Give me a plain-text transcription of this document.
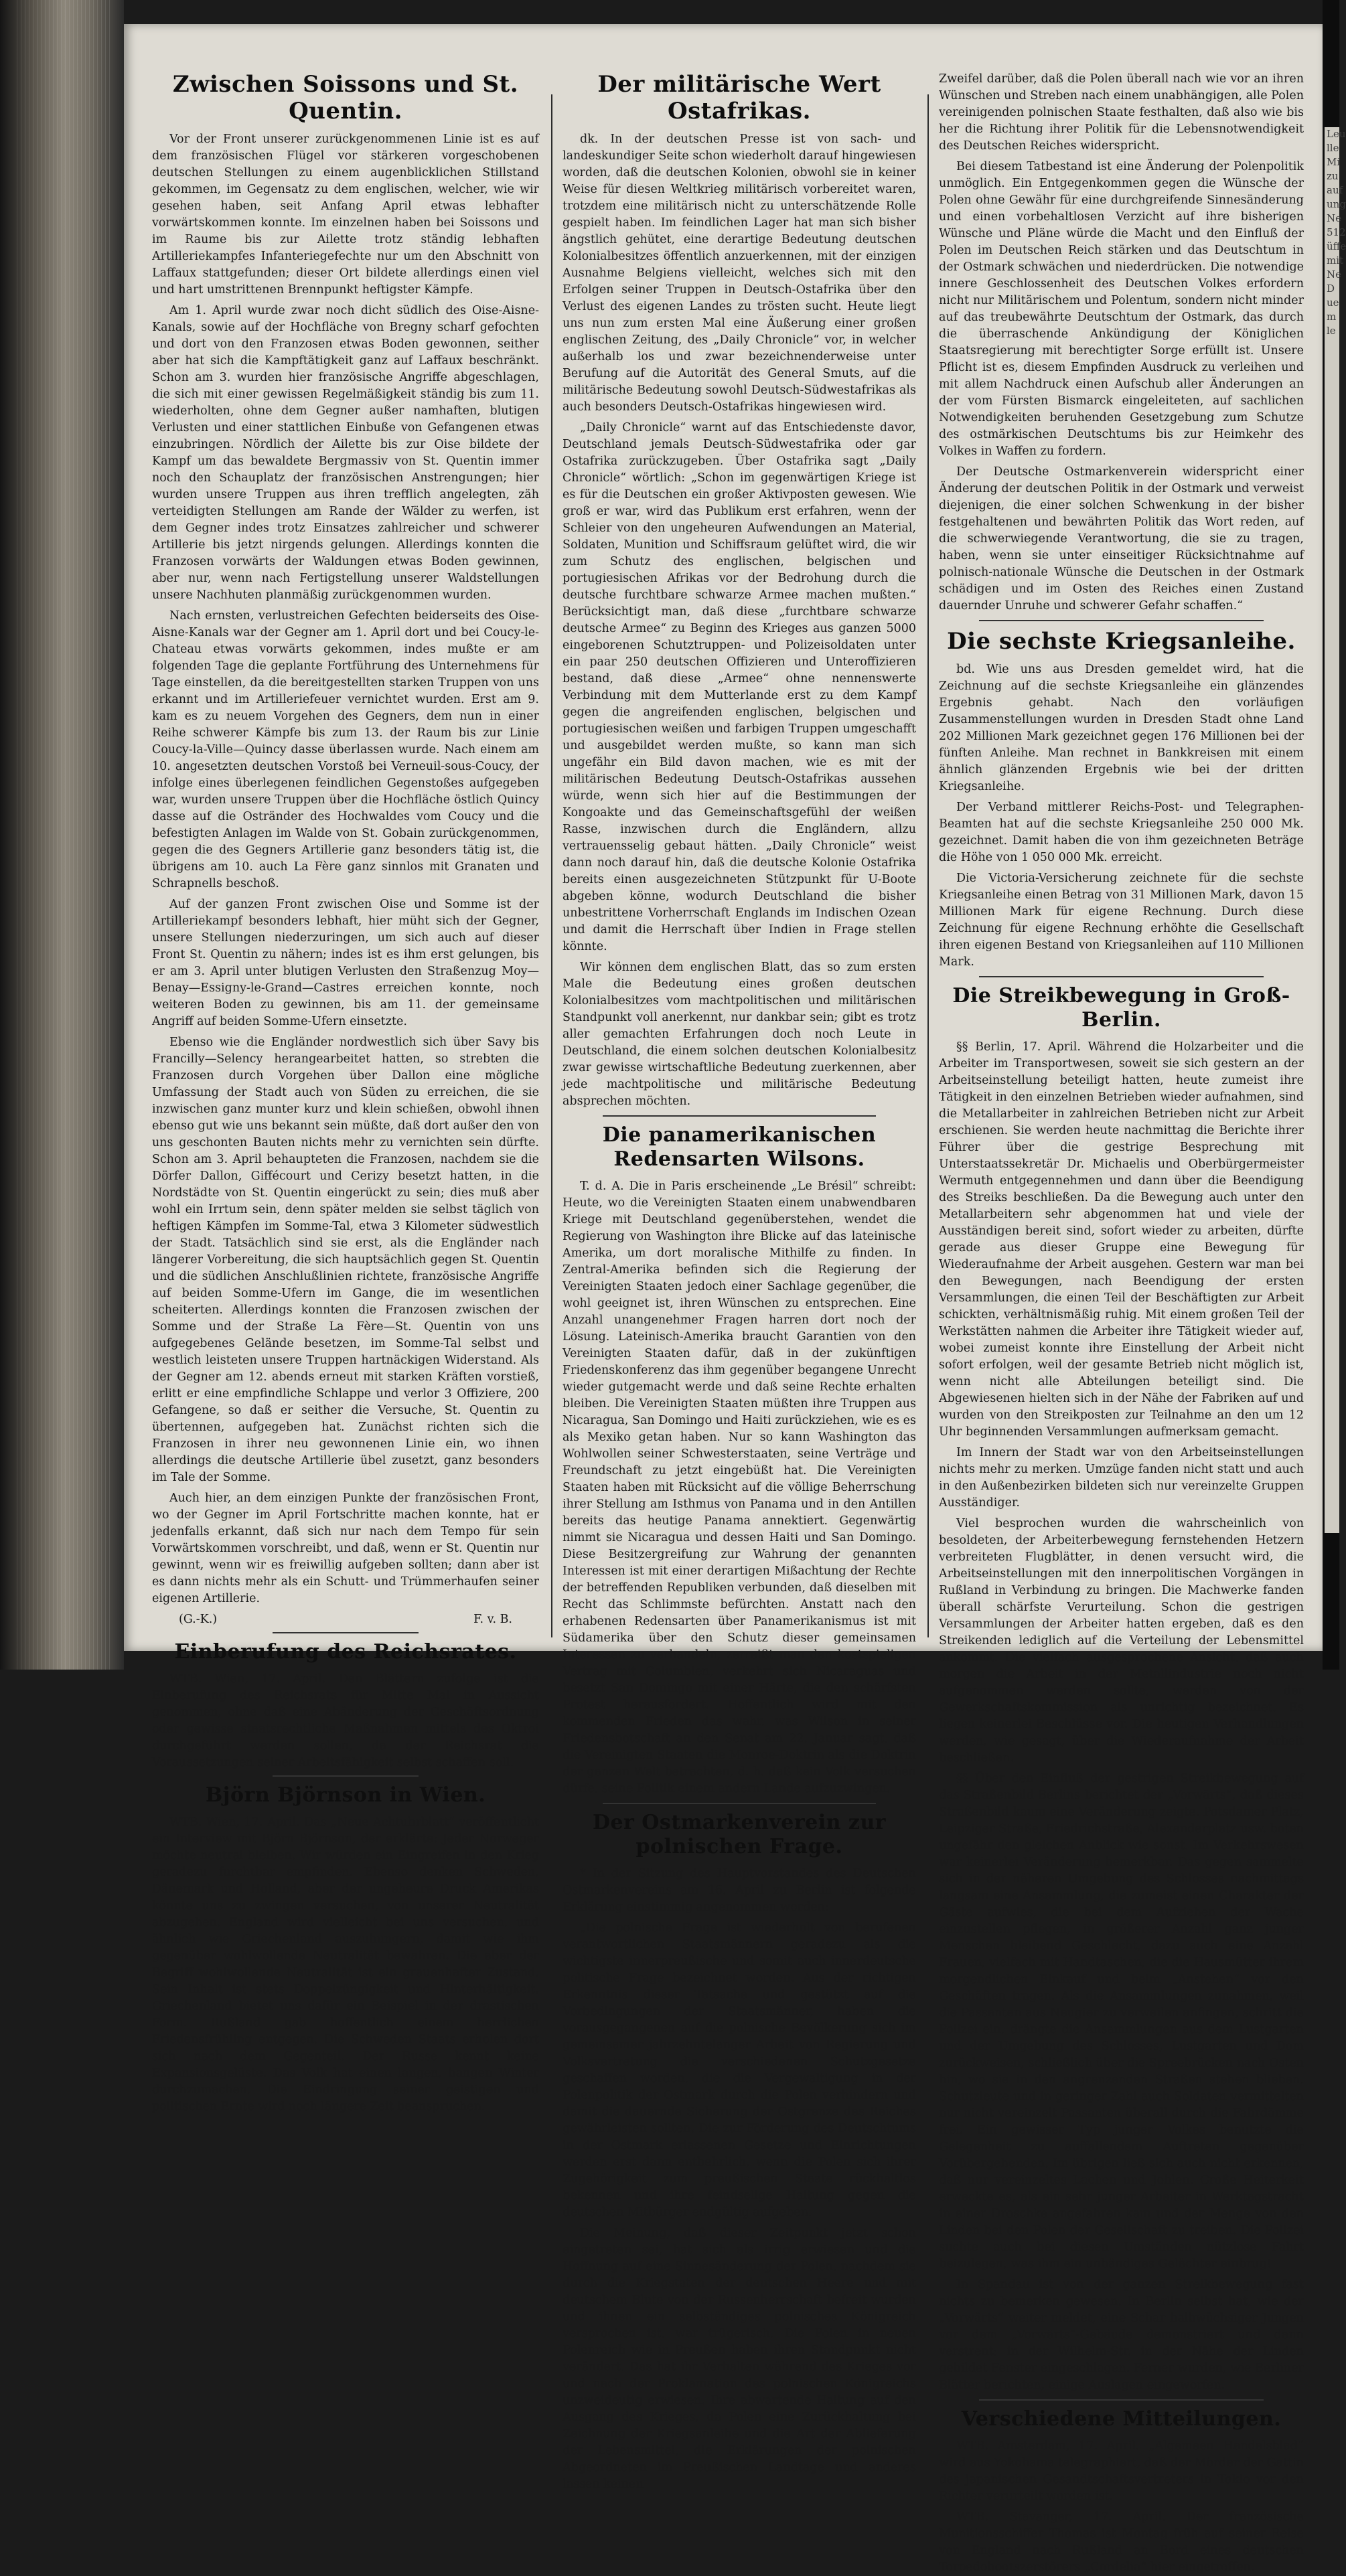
Leu
lle
Mi
zu
auf
ung
Ne
512
üffe
mit
Ne
D
ue
m
le
Zwischen Soissons und St. Quentin.

Vor der Front unserer zurückgenommenen Linie ist es auf dem französischen Flügel vor stärkeren vorgeschobenen deutschen Stellungen zu einem augenblicklichen Stillstand gekommen, im Gegensatz zu dem englischen, welcher, wie wir gesehen haben, seit Anfang April etwas lebhafter vorwärtskommen konnte. Im einzelnen haben bei Soissons und im Raume bis zur Ailette trotz ständig lebhaften Artilleriekampfes Infanteriegefechte nur um den Abschnitt von Laffaux stattgefunden; dieser Ort bildete allerdings einen viel und hart umstrittenen Brennpunkt heftigster Kämpfe.

Am 1. April wurde zwar noch dicht südlich des Oise-Aisne-Kanals, sowie auf der Hochfläche von Bregny scharf gefochten und dort von den Franzosen etwas Boden gewonnen, seither aber hat sich die Kampftätigkeit ganz auf Laffaux beschränkt. Schon am 3. wurden hier französische Angriffe abgeschlagen, die sich mit einer gewissen Regelmäßigkeit ständig bis zum 11. wiederholten, ohne dem Gegner außer namhaften, blutigen Verlusten und einer stattlichen Einbuße von Gefangenen etwas einzubringen. Nördlich der Ailette bis zur Oise bildete der Kampf um das bewaldete Bergmassiv von St. Quentin immer noch den Schauplatz der französischen Anstrengungen; hier wurden unsere Truppen aus ihren trefflich angelegten, zäh verteidigten Stellungen am Rande der Wälder zu werfen, ist dem Gegner indes trotz Einsatzes zahlreicher und schwerer Artillerie bis jetzt nirgends gelungen. Allerdings konnten die Franzosen vorwärts der Waldungen etwas Boden gewinnen, aber nur, wenn nach Fertigstellung unserer Waldstellungen unsere Nachhuten planmäßig zurückgenommen wurden.

Nach ernsten, verlustreichen Gefechten beiderseits des Oise-Aisne-Kanals war der Gegner am 1. April dort und bei Coucy-le-Chateau etwas vorwärts gekommen, indes mußte er am folgenden Tage die geplante Fortführung des Unternehmens für Tage einstellen, da die bereitgestellten starken Truppen von uns erkannt und im Artilleriefeuer vernichtet wurden. Erst am 9. kam es zu neuem Vorgehen des Gegners, dem nun in einer Reihe schwerer Kämpfe bis zum 13. der Raum bis zur Linie Coucy-la-Ville—Quincy dasse überlassen wurde. Nach einem am 10. angesetzten deutschen Vorstoß bei Verneuil-sous-Coucy, der infolge eines überlegenen feindlichen Gegenstoßes aufgegeben war, wurden unsere Truppen über die Hochfläche östlich Quincy dasse auf die Ostränder des Hochwaldes vom Coucy und die befestigten Anlagen im Walde von St. Gobain zurückgenommen, gegen die des Gegners Artillerie ganz besonders tätig ist, die übrigens am 10. auch La Fère ganz sinnlos mit Granaten und Schrapnells beschoß.

Auf der ganzen Front zwischen Oise und Somme ist der Artilleriekampf besonders lebhaft, hier müht sich der Gegner, unsere Stellungen niederzuringen, um sich auch auf dieser Front St. Quentin zu nähern; indes ist es ihm erst gelungen, bis er am 3. April unter blutigen Verlusten den Straßenzug Moy—Benay—Essigny-le-Grand—Castres erreichen konnte, noch weiteren Boden zu gewinnen, bis am 11. der gemeinsame Angriff auf beiden Somme-Ufern einsetzte.

Ebenso wie die Engländer nordwestlich sich über Savy bis Francilly—Selency herangearbeitet hatten, so strebten die Franzosen durch Vorgehen über Dallon eine mögliche Umfassung der Stadt auch von Süden zu erreichen, die sie inzwischen ganz munter kurz und klein schießen, obwohl ihnen ebenso gut wie uns bekannt sein müßte, daß dort außer den von uns geschonten Bauten nichts mehr zu vernichten sein dürfte. Schon am 3. April behaupteten die Franzosen, nachdem sie die Dörfer Dallon, Giffécourt und Cerizy besetzt hatten, in die Nordstädte von St. Quentin eingerückt zu sein; dies muß aber wohl ein Irrtum sein, denn später melden sie selbst täglich von heftigen Kämpfen im Somme-Tal, etwa 3 Kilometer südwestlich der Stadt. Tatsächlich sind sie erst, als die Engländer nach längerer Vorbereitung, die sich hauptsächlich gegen St. Quentin und die südlichen Anschlußlinien richtete, französische Angriffe auf beiden Somme-Ufern im Gange, die im wesentlichen scheiterten. Allerdings konnten die Franzosen zwischen der Somme und der Straße La Fère—St. Quentin von uns aufgegebenes Gelände besetzen, im Somme-Tal selbst und westlich leisteten unsere Truppen hartnäckigen Widerstand. Als der Gegner am 12. abends erneut mit starken Kräften vorstieß, erlitt er eine empfindliche Schlappe und verlor 3 Offiziere, 200 Gefangene, so daß er seither die Versuche, St. Quentin zu übertennen, aufgegeben hat. Zunächst richten sich die Franzosen in ihrer neu gewonnenen Linie ein, wo ihnen allerdings die deutsche Artillerie übel zusetzt, ganz besonders im Tale der Somme.

Auch hier, an dem einzigen Punkte der französischen Front, wo der Gegner im April Fortschritte machen konnte, hat er jedenfalls erkannt, daß sich nur nach dem Tempo für sein Vorwärtskommen vorschreibt, und daß, wenn er St. Quentin nur gewinnt, wenn wir es freiwillig aufgeben sollten; dann aber ist es dann nichts mehr als ein Schutt- und Trümmerhaufen seiner eigenen Artillerie.

(G.-K.)	F. v. B.

Einberufung des Reichsrates.

WTB. Wien, 17. April. Den Blättern zufolge ist die Einberufung des Reichsrats für Mitte Mai in Aussicht genommen, ohne daß eine Abänderung der Geschäftsordnung oder gewisse staatsrechtliche Maßnahmen mittels des Oktroi durchgeführt werden sollen, da der Reichsrat die Voraussetzungen seiner Arbeitsfähigkeit selbst schaffen soll.

Björn Björnson in Wien.

WTB. Wien, 17. April. Das „Neue Achtuhrblatt“ veröffentlicht ein Interview mit Björn Björnson, der erklärte: Jeder Norweger möchte neutral bleiben. Wir würden ein Eingreifen in den Krieg geradezu furchtbar empfinden. Ebenso denken Schweden, Dänemark und Holland, aber der ungeheure Druck Amerikas könnte uns zu zwingen versuchen, von unserer Neutralität abzugehen. England wird vielleicht bei uns versuchen, und ähnlich wie Griechenland auszuhungern, damit wie ihm gegenüber wohlwollende Neutralität bewahren. Die aber der Begriff wohlwollende Neutralität ist ein grauenhafter Zustand. Sein Inhalt ist stets Doppelzüngigkeit und Hinterhältigkeit. Griechenland bietet uns dafür ein Beispiel in der drastischen Form. Rußland gab hoffentlich einem herrlichen Friedensfrühling entgegen. Die Schweden Staats erholen dort sich nach dem Gegenteil. Der Russe kennt keine Expansionsgelüste. Das Volk hat einen langen, bangen Winter durchzumachen. Die Eindringung seiner geistigen und politischen Ernte wird noch längere Zeit beanspruchen.

Der militärische Wert Ostafrikas.

dk. In der deutschen Presse ist von sach- und landeskundiger Seite schon wiederholt darauf hingewiesen worden, daß die deutschen Kolonien, obwohl sie in keiner Weise für diesen Weltkrieg militärisch vorbereitet waren, trotzdem eine militärisch nicht zu unterschätzende Rolle gespielt haben. Im feindlichen Lager hat man sich bisher ängstlich gehütet, eine derartige Bedeutung deutschen Kolonialbesitzes öffentlich anzuerkennen, mit der einzigen Ausnahme Belgiens vielleicht, welches sich mit den Erfolgen seiner Truppen in Deutsch-Ostafrika über den Verlust des eigenen Landes zu trösten sucht. Heute liegt uns nun zum ersten Mal eine Äußerung einer großen englischen Zeitung, des „Daily Chronicle“ vor, in welcher außerhalb los und zwar bezeichnenderweise unter Berufung auf die Autorität des General Smuts, auf die militärische Bedeutung sowohl Deutsch-Südwestafrikas als auch besonders Deutsch-Ostafrikas hingewiesen wird.

„Daily Chronicle“ warnt auf das Entschiedenste davor, Deutschland jemals Deutsch-Südwestafrika oder gar Ostafrika zurückzugeben. Über Ostafrika sagt „Daily Chronicle“ wörtlich: „Schon im gegenwärtigen Kriege ist es für die Deutschen ein großer Aktivposten gewesen. Wie groß er war, wird das Publikum erst erfahren, wenn der Schleier von den ungeheuren Aufwendungen an Material, Soldaten, Munition und Schiffsraum gelüftet wird, die wir zum Schutz des englischen, belgischen und portugiesischen Afrikas vor der Bedrohung durch die deutsche furchtbare schwarze Armee machen mußten.“ Berücksichtigt man, daß diese „furchtbare schwarze deutsche Armee“ zu Beginn des Krieges aus ganzen 5000 eingeborenen Schutztruppen- und Polizeisoldaten unter ein paar 250 deutschen Offizieren und Unteroffizieren bestand, daß diese „Armee“ ohne nennenswerte Verbindung mit dem Mutterlande erst zu dem Kampf gegen die angreifenden englischen, belgischen und portugiesischen weißen und farbigen Truppen umgeschafft und ausgebildet werden mußte, so kann man sich ungefähr ein Bild davon machen, wie es mit der militärischen Bedeutung Deutsch-Ostafrikas aussehen würde, wenn sich hier auf die Bestimmungen der Kongoakte und das Gemeinschaftsgefühl der weißen Rasse, inzwischen durch die Engländern, allzu vertrauensselig gebaut hätten. „Daily Chronicle“ weist dann noch darauf hin, daß die deutsche Kolonie Ostafrika bereits einen ausgezeichneten Stützpunkt für U-Boote abgeben könne, wodurch Deutschland die bisher unbestrittene Vorherrschaft Englands im Indischen Ozean und damit die Herrschaft über Indien in Frage stellen könnte.

Wir können dem englischen Blatt, das so zum ersten Male die Bedeutung eines großen deutschen Kolonialbesitzes vom machtpolitischen und militärischen Standpunkt voll anerkennt, nur dankbar sein; gibt es trotz aller gemachten Erfahrungen doch noch Leute in Deutschland, die einem solchen deutschen Kolonialbesitz zwar gewisse wirtschaftliche Bedeutung zuerkennen, aber jede machtpolitische und militärische Bedeutung absprechen möchten.

Die panamerikanischen Redensarten Wilsons.

T. d. A. Die in Paris erscheinende „Le Brésil“ schreibt: Heute, wo die Vereinigten Staaten einem unabwendbaren Kriege mit Deutschland gegenüberstehen, wendet die Regierung von Washington ihre Blicke auf das lateinische Amerika, um dort moralische Mithilfe zu finden. In Zentral-Amerika befinden sich die Regierung der Vereinigten Staaten jedoch einer Sachlage gegenüber, die wohl geeignet ist, ihren Wünschen zu entsprechen. Eine Anzahl unangenehmer Fragen harren dort noch der Lösung. Lateinisch-Amerika braucht Garantien von den Vereinigten Staaten dafür, daß in der zukünftigen Friedenskonferenz das ihm gegenüber begangene Unrecht wieder gutgemacht werde und daß seine Rechte erhalten bleiben. Die Vereinigten Staaten müßten ihre Truppen aus Nicaragua, San Domingo und Haiti zurückziehen, wie es es als Mexiko getan haben. Nur so kann Washington das Wohlwollen seiner Schwesterstaaten, seine Verträge und Freundschaft zu jetzt eingebüßt hat. Die Vereinigten Staaten haben mit Rücksicht auf die völlige Beherrschung ihrer Stellung am Isthmus von Panama und in den Antillen bereits das heutige Panama annektiert. Gegenwärtig nimmt sie Nicaragua und dessen Haiti und San Domingo. Diese Besitzergreifung zur Wahrung der genannten Interessen ist mit einer derartigen Mißachtung der Rechte der betreffenden Republiken verbunden, daß dieselben mit Recht das Schlimmste befürchten. Anstatt nach den erhabenen Redensarten über Panamerikanismus ist mit Südamerika über den Schutz dieser gemeinsamen Interessen zu verhandeln, zerreißt man den kostspieligen Vertrag mit Columbien, verkehrt sich Nicaraguas und besetzt San Domingo mit einer Härte, die den schärfsten Protest herausfordert. Hoffentlich wird mit den kommenden Frieden das wahr, was Wilson in seiner Friedensbotschaft an den Senat am 22. Januar sagt, daß die Vereinigten Staaten die Monroe-Doktrin als die Doktrin der ganzen Welt betrachten, d. h. daß kein Volk versuchen dürfe, seine Politik einem andern Lande aufzuzwingen.

Der Ostmarkenverein zur polnischen Frage.

* In der Sitzung des Hauptvorstandes des Deutschen Ostmarkenvereins am 16. April zu Berlin ist folgende Erklärung einstimmig angenommen worden:

„Die polnische Frage ist wiederholt von berufenen verantwortlichen Staatsmännern geradezu als die wichtigste innerpreußische und somit auch innerdeutsche politische Frage bezeichnet worden. Aus der richtigen Erkenntnis dieser Tatsache und gestützt auf die Vorbedingungen der Staatsmänner, haben die vorausgegangenen auf die polnische Bevölkerung sich im gemeinsamer jahrzehntelanger Arbeit von Regierung und Volksvertretung die verschiedenen Schutzgesetze geschaffen worden, die die Vergewaltigung in der Polenpolitik der Ostmark durch die Polen verhindern und damit die dauernde Sicherung der Ostgrenze des Reiches gewährleisten sollten. Die zur Förderung des Deutschtums in der Ostmark erlassenen Gesetze und Einrichtungen werden erst dann entbehrlich, wenn die Polen sich ihrer Zugehörigkeit zum preußischen Staate rückhaltlos bekennen und ihre feindselige Haltung gegen die deutschen Mitbürger endgültig aufgeben.

Die Meinung, daß dieser Zeitpunkt jetzt schon eingetreten sei, hat sich als irrig erwiesen und die Hoffnung auf eine Sinnesänderung der Polen, nachdem sie durch die Kriegstaten der deutschen Heere und mit deutschem Blute von der Russenherrschaft befreit wurden und ihnen ein selbständiges polnisches Königreich versprochen ist, war trügerisch. Die Polen in neuen Polenreich wie in Preußen haben ihren Standpunkt nicht verändert. Das hat ihr Verhalten während des Krieges vor und nach der Proklamation des polnischen Königreichs unzweideutig erwiesen. Ihre abwartende Haltung auf den Ausgang des Krieges, da Polen eine Zurückhaltung bei Zeichnung der Kriegsanleihe und die Art der Ablieferung der Lebensmittel, die Erklärungen der polnischen Abgeordneten im Preußischen Landtage und anderes lassen keinen

Zweifel darüber, daß die Polen überall nach wie vor an ihren Wünschen und Streben nach einem unabhängigen, alle Polen vereinigenden polnischen Staate festhalten, daß also wie bis her die Richtung ihrer Politik für die Lebensnotwendigkeit des Deutschen Reiches widerspricht.

Bei diesem Tatbestand ist eine Änderung der Polenpolitik unmöglich. Ein Entgegenkommen gegen die Wünsche der Polen ohne Gewähr für eine durchgreifende Sinnesänderung und einen vorbehaltlosen Verzicht auf ihre bisherigen Wünsche und Pläne würde die Macht und den Einfluß der Polen im Deutschen Reich stärken und das Deutschtum in der Ostmark schwächen und niederdrücken. Die notwendige innere Geschlossenheit des Deutschen Volkes erfordern nicht nur Militärischem und Polentum, sondern nicht minder auf das treubewährte Deutschtum der Ostmark, das durch die überraschende Ankündigung der Königlichen Staatsregierung mit berechtigter Sorge erfüllt ist. Unsere Pflicht ist es, diesem Empfinden Ausdruck zu verleihen und mit allem Nachdruck einen Aufschub aller Änderungen an der vom Fürsten Bismarck eingeleiteten, auf sachlichen Notwendigkeiten beruhenden Gesetzgebung zum Schutze des ostmärkischen Deutschtums bis zur Heimkehr des Volkes in Waffen zu fordern.

Der Deutsche Ostmarkenverein widerspricht einer Änderung der deutschen Politik in der Ostmark und verweist diejenigen, die einer solchen Schwenkung in der bisher festgehaltenen und bewährten Politik das Wort reden, auf die schwerwiegende Verantwortung, die sie zu tragen, haben, wenn sie unter einseitiger Rücksichtnahme auf polnisch-nationale Wünsche die Deutschen in der Ostmark schädigen und im Osten des Reiches einen Zustand dauernder Unruhe und schwerer Gefahr schaffen.“

Die sechste Kriegsanleihe.

bd. Wie uns aus Dresden gemeldet wird, hat die Zeichnung auf die sechste Kriegsanleihe ein glänzendes Ergebnis gehabt. Nach den vorläufigen Zusammenstellungen wurden in Dresden Stadt ohne Land 202 Millionen Mark gezeichnet gegen 176 Millionen bei der fünften Anleihe. Man rechnet in Bankkreisen mit einem ähnlich glänzenden Ergebnis wie bei der dritten Kriegsanleihe.

Der Verband mittlerer Reichs-Post- und Telegraphen-Beamten hat auf die sechste Kriegsanleihe 250 000 Mk. gezeichnet. Damit haben die von ihm gezeichneten Beträge die Höhe von 1 050 000 Mk. erreicht.

Die Victoria-Versicherung zeichnete für die sechste Kriegsanleihe einen Betrag von 31 Millionen Mark, davon 15 Millionen Mark für eigene Rechnung. Durch diese Zeichnung für eigene Rechnung erhöhte die Gesellschaft ihren eigenen Bestand von Kriegsanleihen auf 110 Millionen Mark.

Die Streikbewegung in Groß-Berlin.

§§ Berlin, 17. April. Während die Holzarbeiter und die Arbeiter im Transportwesen, soweit sie sich gestern an der Arbeitseinstellung beteiligt hatten, heute zumeist ihre Tätigkeit in den einzelnen Betrieben wieder aufnahmen, sind die Metallarbeiter in zahlreichen Betrieben nicht zur Arbeit erschienen. Sie werden heute nachmittag die Berichte ihrer Führer über die gestrige Besprechung mit Unterstaatssekretär Dr. Michaelis und Oberbürgermeister Wermuth entgegennehmen und dann über die Beendigung des Streiks beschließen. Da die Bewegung auch unter den Metallarbeitern sehr abgenommen hat und viele der Ausständigen bereit sind, sofort wieder zu arbeiten, dürfte gerade aus dieser Gruppe eine Bewegung für Wiederaufnahme der Arbeit ausgehen. Gestern war man bei den Bewegungen, nach Beendigung der ersten Versammlungen, die einen Teil der Beschäftigten zur Arbeit schickten, verhältnismäßig ruhig. Mit einem großen Teil der Werkstätten nahmen die Arbeiter ihre Tätigkeit wieder auf, wobei zumeist konnte ihre Einstellung der Arbeit nicht sofort erfolgen, weil der gesamte Betrieb nicht möglich ist, wenn nicht alle Abteilungen beteiligt sind. Die Abgewiesenen hielten sich in der Nähe der Fabriken auf und wurden von den Streikposten zur Teilnahme an den um 12 Uhr beginnenden Versammlungen aufmerksam gemacht.

Im Innern der Stadt war von den Arbeitseinstellungen nichts mehr zu merken. Umzüge fanden nicht statt und auch in den Außenbezirken bildeten sich nur vereinzelte Gruppen Ausständiger.

Viel besprochen wurden die wahrscheinlich von besoldeten, der Arbeiterbewegung fernstehenden Hetzern verbreiteten Flugblätter, in denen versucht wird, die Arbeitseinstellungen mit den innerpolitischen Vorgängen in Rußland in Verbindung zu bringen. Die Machwerke fanden überall schärfste Verurteilung. Schon die gestrigen Versammlungen der Arbeiter hatten ergeben, daß es den Streikenden lediglich auf die Verteilung der Lebensmittel ankommt. Die vielfach ausgesprochene Ansicht, daß auch morgen die Arbeit in der Metallindustrie noch nicht aufgenommen werden sollte, werden von der Gewerkschaftskommission als unrichtig bezeichnet. Es liegen keinerlei Beschlüsse vor. Die heutigen Verhandlungen werden, wie gesagt, über die Wiederaufnahme der Arbeit beschließen.

§§ Über den Einfluß der gestrigen Streikbewegung auf das Straßenbild Berlins berichtet der „Vorwärts“, daß dieses Straßenbild kaum eine Veränderung zeigte. Potsdamer Platz, Leipziger Straße, Friedrichstraße, Alexanderplatz usw. boten ungefähr den gleichen Anblick wie sonst. Im Verkehrswesen war keinerlei Veränderung bemerkbar. Das gegen sammelte sich in der näheren Umgebung des Schlosses nachmittags langsam eine Ansammlung, die zumeist einen Charakter der Gäste aufwies, die bei dem Aufziehen der Wache einzustellen pflegen, in größerer Anzahl ganz junger Menschen bleibend Geschlecht, dazu auch eine Anzahl Frauen, vielfach mit Handtaschen, die die Hausmütter ihrem morgendlichen Einkauf und beim „Anstehen“ vor den Geschäften tragen. Als die Ansammlungen zunahmen, weil die Passanten aus Neugier zu verweilen anfingen, schritt die Polizei ein, drängte die Ansammlungen aus dem Lustgarten und der Umgebung des Schlosses, Lustgarten und Dom zurückweisen, schließlich über die Spreebrücken nach Osten hin, wo sie in den angrenzenden Straßen stehen blieben. Schutzleute und in geringer Zahl auch Soldaten vermittelten nur nicht vereinzelt Passanten überall durch die Fahrdämme frei. Ein gewisser Typ junger Volkes benutzte die Gelegenheit zu auffallendem Auftreten gegenüber Vorübergehenden. Im übrigen ließ sich auch nicht erkennen, daß nur vereinzeltes Lachen und Johlen. Große Heiterkeit erweckte es, als ein sehr junger Arbeiter in Werktagstracht in einer Droschke angefahren kam und der Menge von den Linden bei den Polen der Gesellschaft zu treiben. Die Polizei suchte auch bei diesen Umständen nützlose Fahrt beizulegen, was ihm ein unbändiges Gelächter einbrug!

In Spandau ist von der ganzen Streikbewegung fast nichts zu bemerken gewesen. In Berlin selbst hat, wie der „Vorwärts“ weiter meldet, eine Schar halbwüchsiger Jungen vor dem „Vorwärts“-Gebäude demonstriert und dann verstrent; in der Wilhelm-Str. in der Nähe der Linden gebildet Fenster eingeschlagen. Ferner wurden, wie Berliner Blätter berichten, einige Auslagen eingeworfen.

Verschiedene Mitteilungen.

WTB. Amsterdam, 17. April. „Algemeen Handelsblad“ wird aus Yokohama telegraphiert, daß der Mörder der Gattin des japanischen Gesandtschaftsvertreters in Tokio vor den Richter verurteilt worden ist.

WTB. Stavanger, 17. April. Der französische Munitionsschiffer Thomas ist Montag früh auf seiner Reise von England nach Rußland an Bord eines deutschen Torpedobootszerstörers „Cordelia“ hier eingetroffen.
